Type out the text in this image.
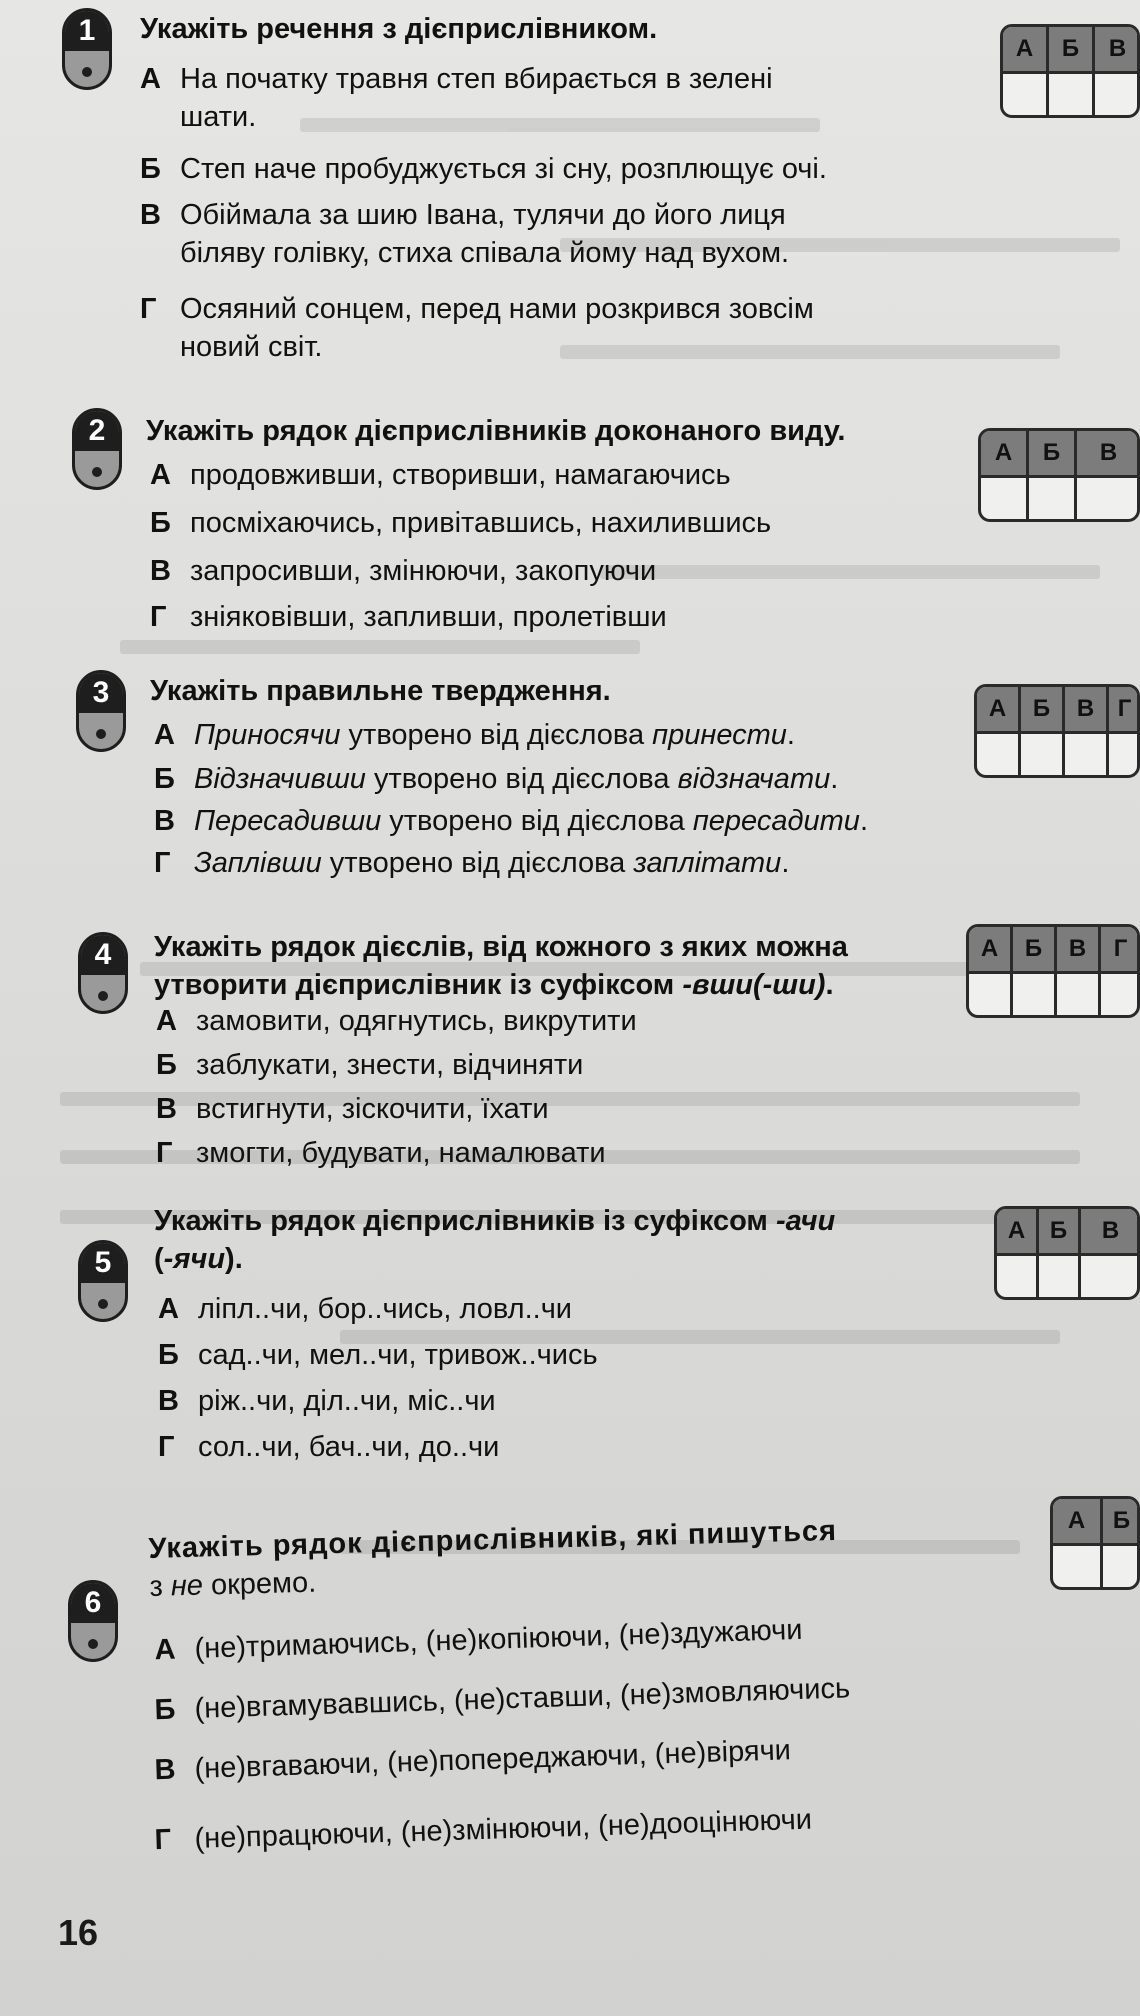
1	Укажіть речення з дієприслівником.
А На початку травня степ вбирається в зелені
шати.
Б Степ наче пробуджується зі сну, розплющує очі.
В Обіймала за шию Івана, тулячи до його лиця
біляву голівку, стиха співала йому над вухом.
Г Осяяний сонцем, перед нами розкрився зовсім
новий світ.
А	Б	В
2	Укажіть рядок дієприслівників доконаного виду.
А продовживши, створивши, намагаючись
Б посміхаючись, привітавшись, нахилившись
В запросивши, змінюючи, закопуючи
Г зніяковівши, запливши, пролетівши
А	Б	В
3	Укажіть правильне твердження.
А Приносячи утворено від дієслова принести.
Б Відзначивши утворено від дієслова відзначати.
В Пересадивши утворено від дієслова пересадити.
Г Заплівши утворено від дієслова заплітати.
А	Б	В Г
4	Укажіть рядок дієслів, від кожного з яких можна
утворити дієприслівник із суфіксом -вши(-ши).
А замовити, одягнутись, викрутити
Б заблукати, знести, відчиняти
В встигнути, зіскочити, їхати
Г змогти, будувати, намалювати
А	Б	В	Г
5
Укажіть рядок дієприслівників із суфіксом -ачи
(-ячи).
А ліпл..чи, бор..чись, ловл..чи
Б сад..чи, мел..чи, тривож..чись
В ріж..чи, діл..чи, міс..чи
Г сол..чи, бач..чи, до..чи
А	Б	В
6
Укажіть рядок дієприслівників, які пишуться
з не окремо.
А (не)тримаючись, (не)копіюючи, (не)здужаючи
Б (не)вгамувавшись, (не)ставши, (не)змовляючись
В (не)вгаваючи, (не)попереджаючи, (не)вірячи
Г (не)працюючи, (не)змінюючи, (не)дооцінюючи
А	Б
16
